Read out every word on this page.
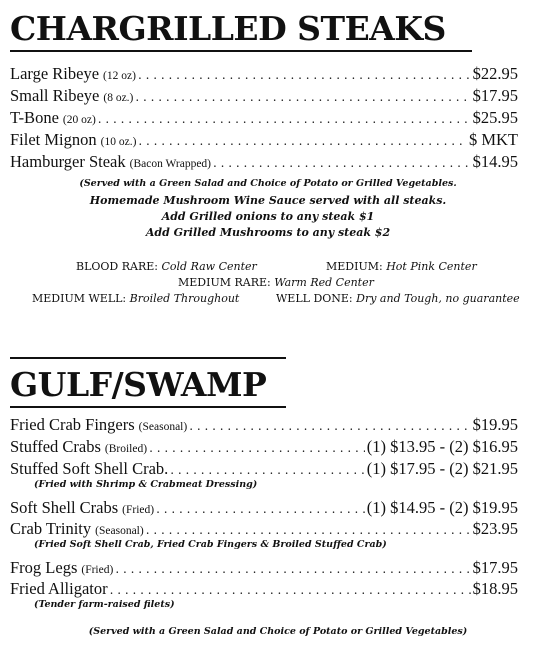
CHARGRILLED STEAKS
Large Ribeye (12 oz) . . .	$22.95
Small Ribeye (8 oz.) . . .	$17.95
T-Bone (20 oz) . . .	$25.95
Filet Mignon (10 oz.) . . .	$ MKT
Hamburger Steak (Bacon Wrapped) . . .	$14.95
(Served with a Green Salad and Choice of Potato or Grilled Vegetables.
Homemade Mushroom Wine Sauce served with all steaks.
Add Grilled onions to any steak $1
Add Grilled Mushrooms to any steak $2
BLOOD RARE: Cold Raw Center	MEDIUM: Hot Pink Center
MEDIUM RARE: Warm Red Center
MEDIUM WELL: Broiled Throughout	WELL DONE: Dry and Tough, no guarantee
GULF/SWAMP
Fried Crab Fingers (Seasonal) . . .	$19.95
Stuffed Crabs (Broiled) . . .	(1) $13.95 - (2) $16.95
Stuffed Soft Shell Crab. . . .	(1) $17.95 - (2) $21.95
(Fried with Shrimp & Crabmeat Dressing)
Soft Shell Crabs (Fried) . . .	(1) $14.95 - (2) $19.95
Crab Trinity (Seasonal) . . .	$23.95
(Fried Soft Shell Crab, Fried Crab Fingers & Broiled Stuffed Crab)
Frog Legs (Fried) . . .	$17.95
Fried Alligator . . .	$18.95
(Tender farm-raised filets)
(Served with a Green Salad and Choice of Potato or Grilled Vegetables)
